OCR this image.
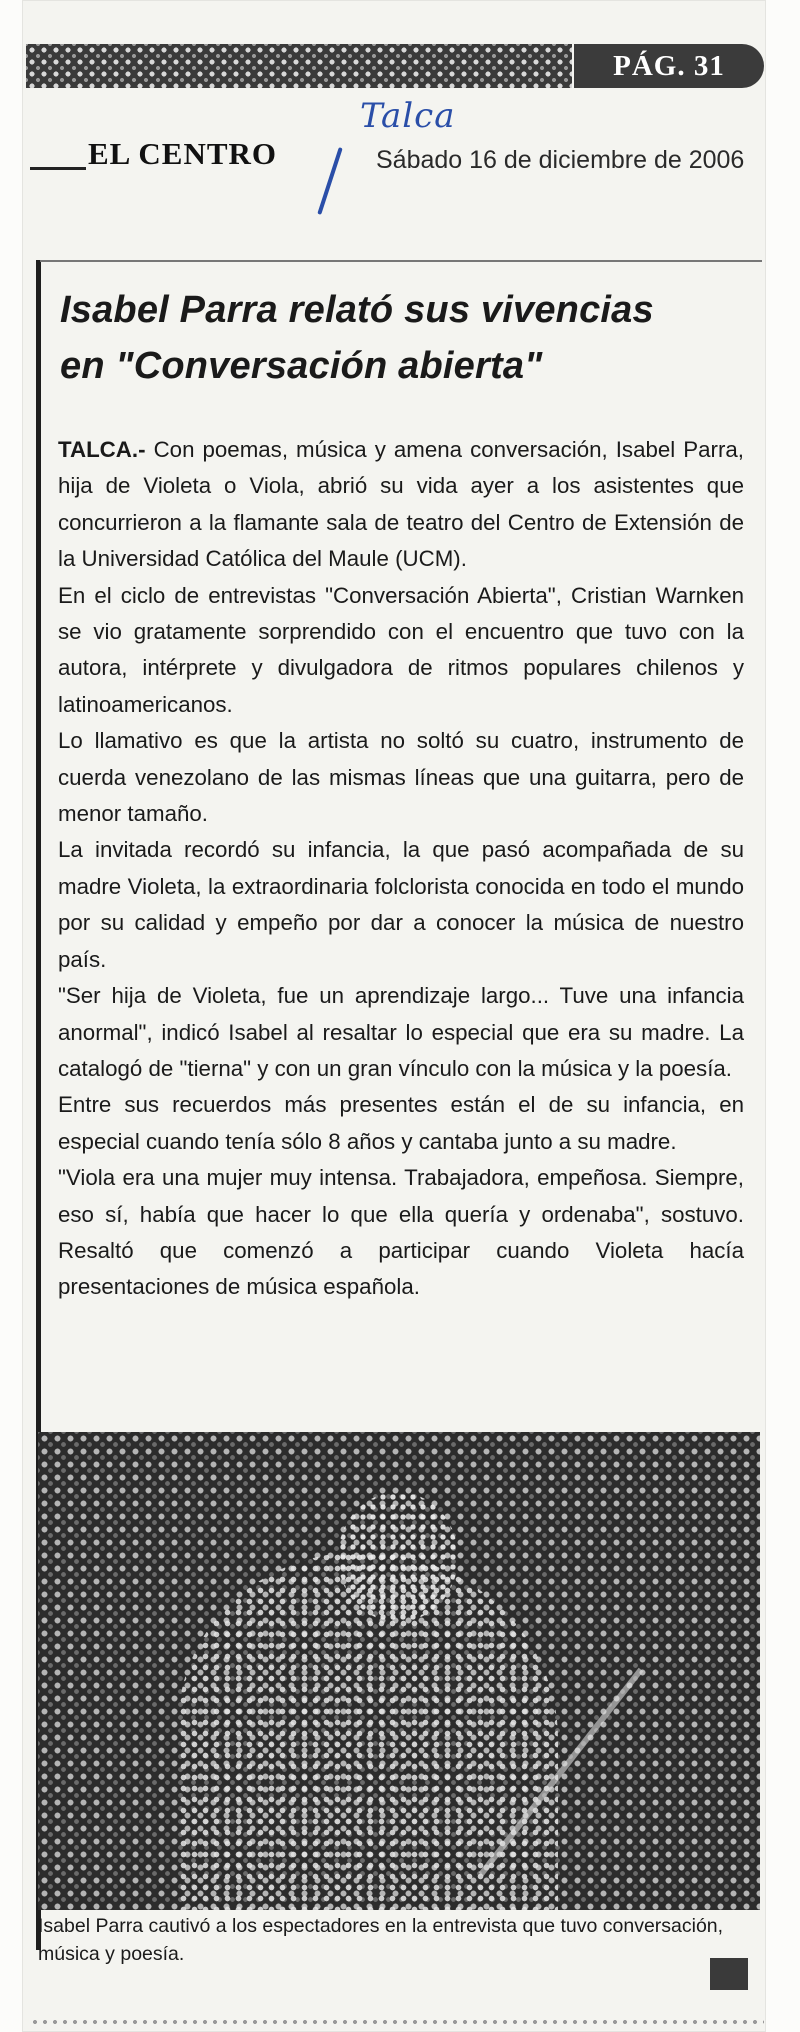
PÁG. 31
EL CENTRO
Talca
Sábado 16 de diciembre de 2006
Isabel Parra relató sus vivencias
en "Conversación abierta"

TALCA.- Con poemas, música y amena conversación, Isabel Parra, hija de Violeta o Viola, abrió su vida ayer a los asistentes que concurrieron a la flamante sala de teatro del Centro de Extensión de la Universidad Católica del Maule (UCM).

En el ciclo de entrevistas "Conversación Abierta", Cristian Warnken se vio gratamente sorprendido con el encuentro que tuvo con la autora, intérprete y divulgadora de ritmos populares chilenos y latinoamericanos.

Lo llamativo es que la artista no soltó su cuatro, instrumento de cuerda venezolano de las mismas líneas que una guitarra, pero de menor tamaño.

La invitada recordó su infancia, la que pasó acompañada de su madre Violeta, la extraordinaria folclorista conocida en todo el mundo por su calidad y empeño por dar a conocer la música de nuestro país.

"Ser hija de Violeta, fue un aprendizaje largo... Tuve una infancia anormal", indicó Isabel al resaltar lo especial que era su madre. La catalogó de "tierna" y con un gran vínculo con la música y la poesía.

Entre sus recuerdos más presentes están el de su infancia, en especial cuando tenía sólo 8 años y cantaba junto a su madre.

"Viola era una mujer muy intensa. Trabajadora, empeñosa. Siempre, eso sí, había que hacer lo que ella quería y ordenaba", sostuvo. Resaltó que comenzó a participar cuando Violeta hacía presentaciones de música española.

Isabel Parra cautivó a los espectadores en la entrevista que tuvo conversación, música y poesía.
